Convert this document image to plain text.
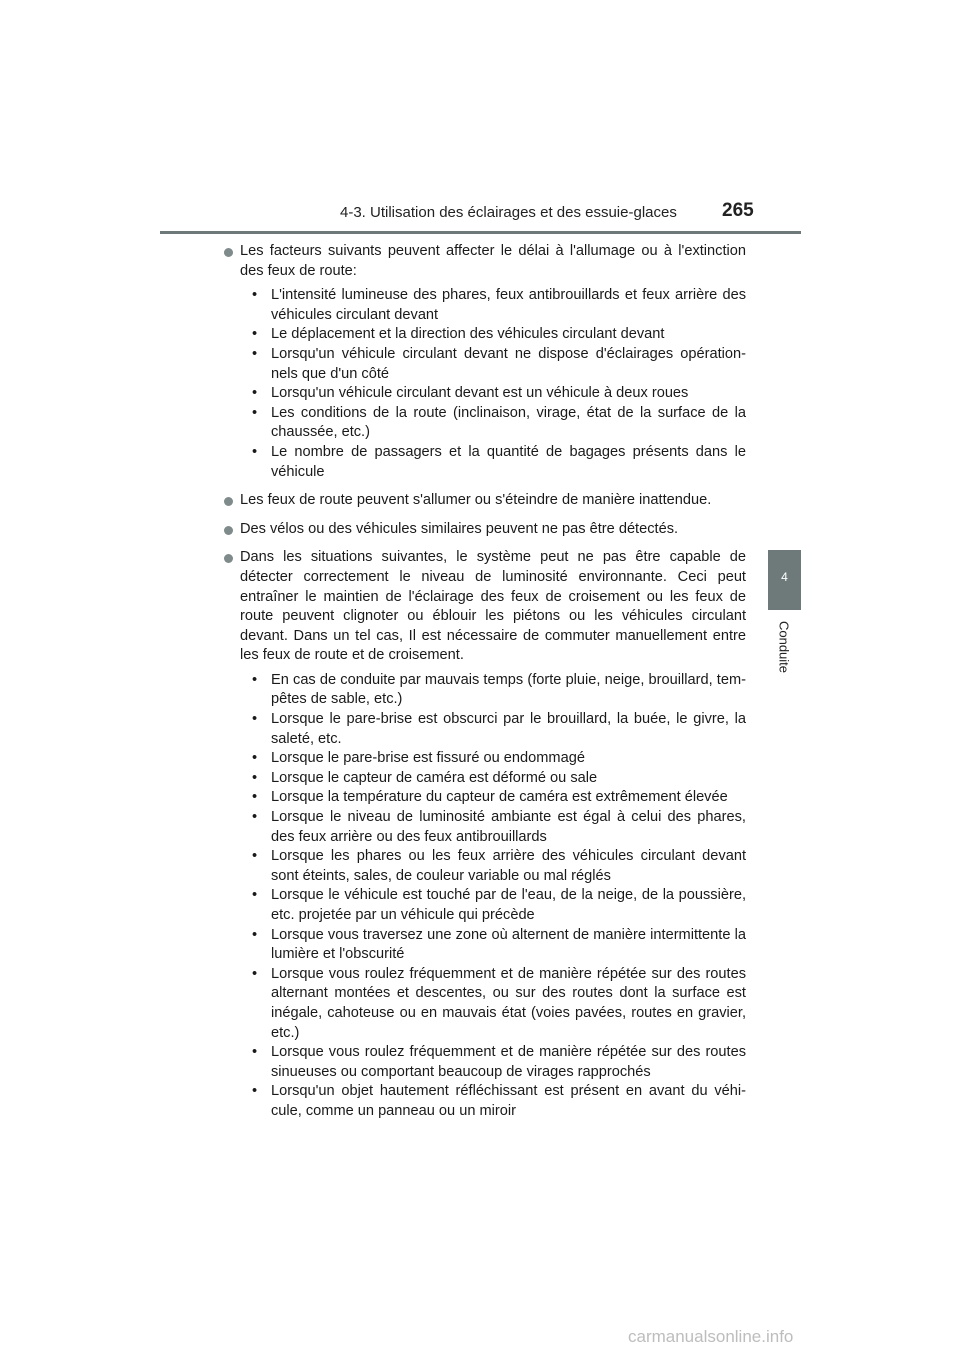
4-3. Utilisation des éclairages et des essuie-glaces 265
4
Conduite
Les facteurs suivants peuvent affecter le délai à l'allumage ou à l'extinction des feux de route:
• L'intensité lumineuse des phares, feux antibrouillards et feux arrière des véhicules circulant devant
• Le déplacement et la direction des véhicules circulant devant
• Lorsqu'un véhicule circulant devant ne dispose d'éclairages opération-nels que d'un côté
• Lorsqu'un véhicule circulant devant est un véhicule à deux roues
• Les conditions de la route (inclinaison, virage, état de la surface de la chaussée, etc.)
• Le nombre de passagers et la quantité de bagages présents dans le véhicule
Les feux de route peuvent s'allumer ou s'éteindre de manière inattendue.
Des vélos ou des véhicules similaires peuvent ne pas être détectés.
Dans les situations suivantes, le système peut ne pas être capable de détecter correctement le niveau de luminosité environnante. Ceci peut entraîner le maintien de l'éclairage des feux de croisement ou les feux de route peuvent clignoter ou éblouir les piétons ou les véhicules circulant devant. Dans un tel cas, Il est nécessaire de commuter manuellement entre les feux de route et de croisement.
• En cas de conduite par mauvais temps (forte pluie, neige, brouillard, tem-pêtes de sable, etc.)
• Lorsque le pare-brise est obscurci par le brouillard, la buée, le givre, la saleté, etc.
• Lorsque le pare-brise est fissuré ou endommagé
• Lorsque le capteur de caméra est déformé ou sale
• Lorsque la température du capteur de caméra est extrêmement élevée
• Lorsque le niveau de luminosité ambiante est égal à celui des phares, des feux arrière ou des feux antibrouillards
• Lorsque les phares ou les feux arrière des véhicules circulant devant sont éteints, sales, de couleur variable ou mal réglés
• Lorsque le véhicule est touché par de l'eau, de la neige, de la poussière, etc. projetée par un véhicule qui précède
• Lorsque vous traversez une zone où alternent de manière intermittente la lumière et l'obscurité
• Lorsque vous roulez fréquemment et de manière répétée sur des routes alternant montées et descentes, ou sur des routes dont la surface est inégale, cahoteuse ou en mauvais état (voies pavées, routes en gravier, etc.)
• Lorsque vous roulez fréquemment et de manière répétée sur des routes sinueuses ou comportant beaucoup de virages rapprochés
• Lorsqu'un objet hautement réfléchissant est présent en avant du véhi-cule, comme un panneau ou un miroir
carmanualsonline.info
